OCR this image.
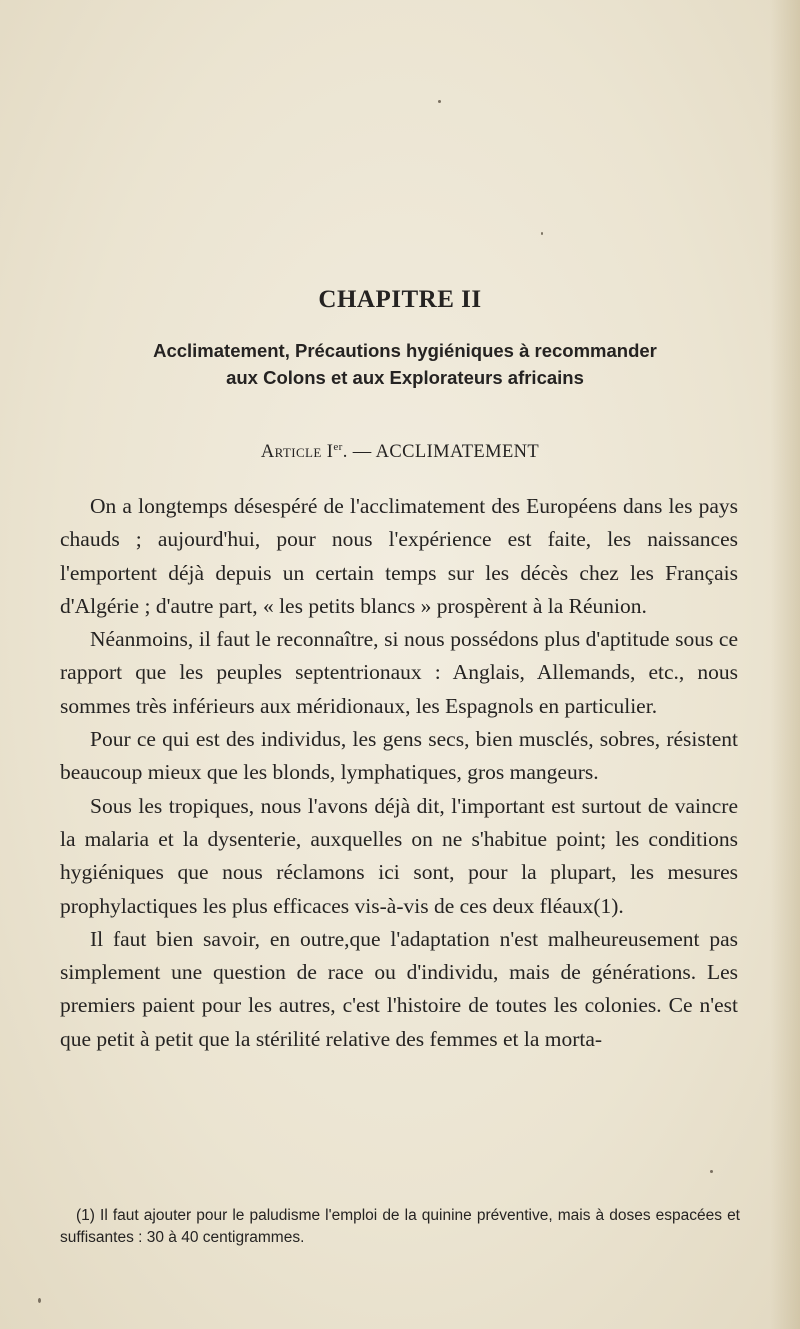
CHAPITRE II
Acclimatement, Précautions hygiéniques à recommander
aux Colons et aux Explorateurs africains
Article Ier. — ACCLIMATEMENT

On a longtemps désespéré de l'acclimatement des Européens dans les pays chauds ; aujourd'hui, pour nous l'expérience est faite, les naissances l'emportent déjà depuis un certain temps sur les décès chez les Français d'Algérie ; d'autre part, « les petits blancs » prospèrent à la Réunion.

Néanmoins, il faut le reconnaître, si nous possédons plus d'aptitude sous ce rapport que les peuples septentrionaux : Anglais, Allemands, etc., nous sommes très inférieurs aux méridionaux, les Espagnols en particulier.

Pour ce qui est des individus, les gens secs, bien musclés, sobres, résistent beaucoup mieux que les blonds, lymphatiques, gros mangeurs.

Sous les tropiques, nous l'avons déjà dit, l'important est surtout de vaincre la malaria et la dysenterie, auxquelles on ne s'habitue point; les conditions hygiéniques que nous réclamons ici sont, pour la plupart, les mesures prophylactiques les plus efficaces vis-à-vis de ces deux fléaux(1).

Il faut bien savoir, en outre,que l'adaptation n'est malheureusement pas simplement une question de race ou d'individu, mais de générations. Les premiers paient pour les autres, c'est l'histoire de toutes les colonies. Ce n'est que petit à petit que la stérilité relative des femmes et la morta-

(1) Il faut ajouter pour le paludisme l'emploi de la quinine préventive, mais à doses espacées et suffisantes : 30 à 40 centigrammes.
